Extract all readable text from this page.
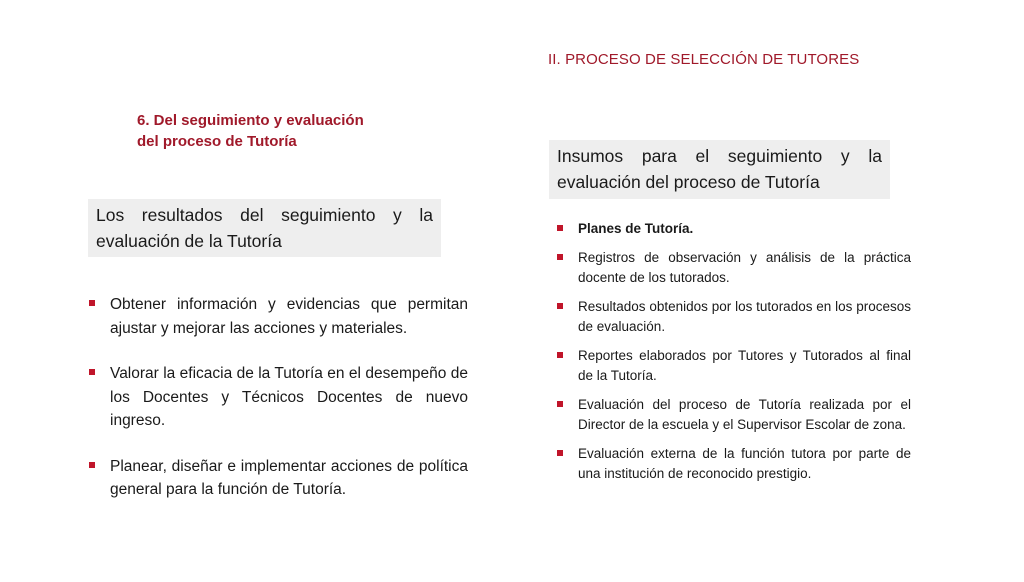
II. PROCESO DE SELECCIÓN DE TUTORES
6. Del seguimiento y evaluación
del proceso de Tutoría
Los resultados del seguimiento y la evaluación de la Tutoría
Obtener información y evidencias que permitan ajustar y mejorar las acciones y materiales.
Valorar la eficacia de la Tutoría en el desempeño de los Docentes y Técnicos Docentes de nuevo ingreso.
Planear, diseñar e implementar acciones de política general para la función de Tutoría.
Insumos para el seguimiento y la evaluación del proceso de Tutoría
Planes de Tutoría.
Registros de observación y análisis de la práctica docente de los tutorados.
Resultados obtenidos por los tutorados en los procesos de evaluación.
Reportes elaborados por Tutores y Tutorados al final de la Tutoría.
Evaluación del proceso de Tutoría realizada por el Director de la escuela y el Supervisor Escolar de zona.
Evaluación externa de la función tutora por parte de una institución de reconocido prestigio.
